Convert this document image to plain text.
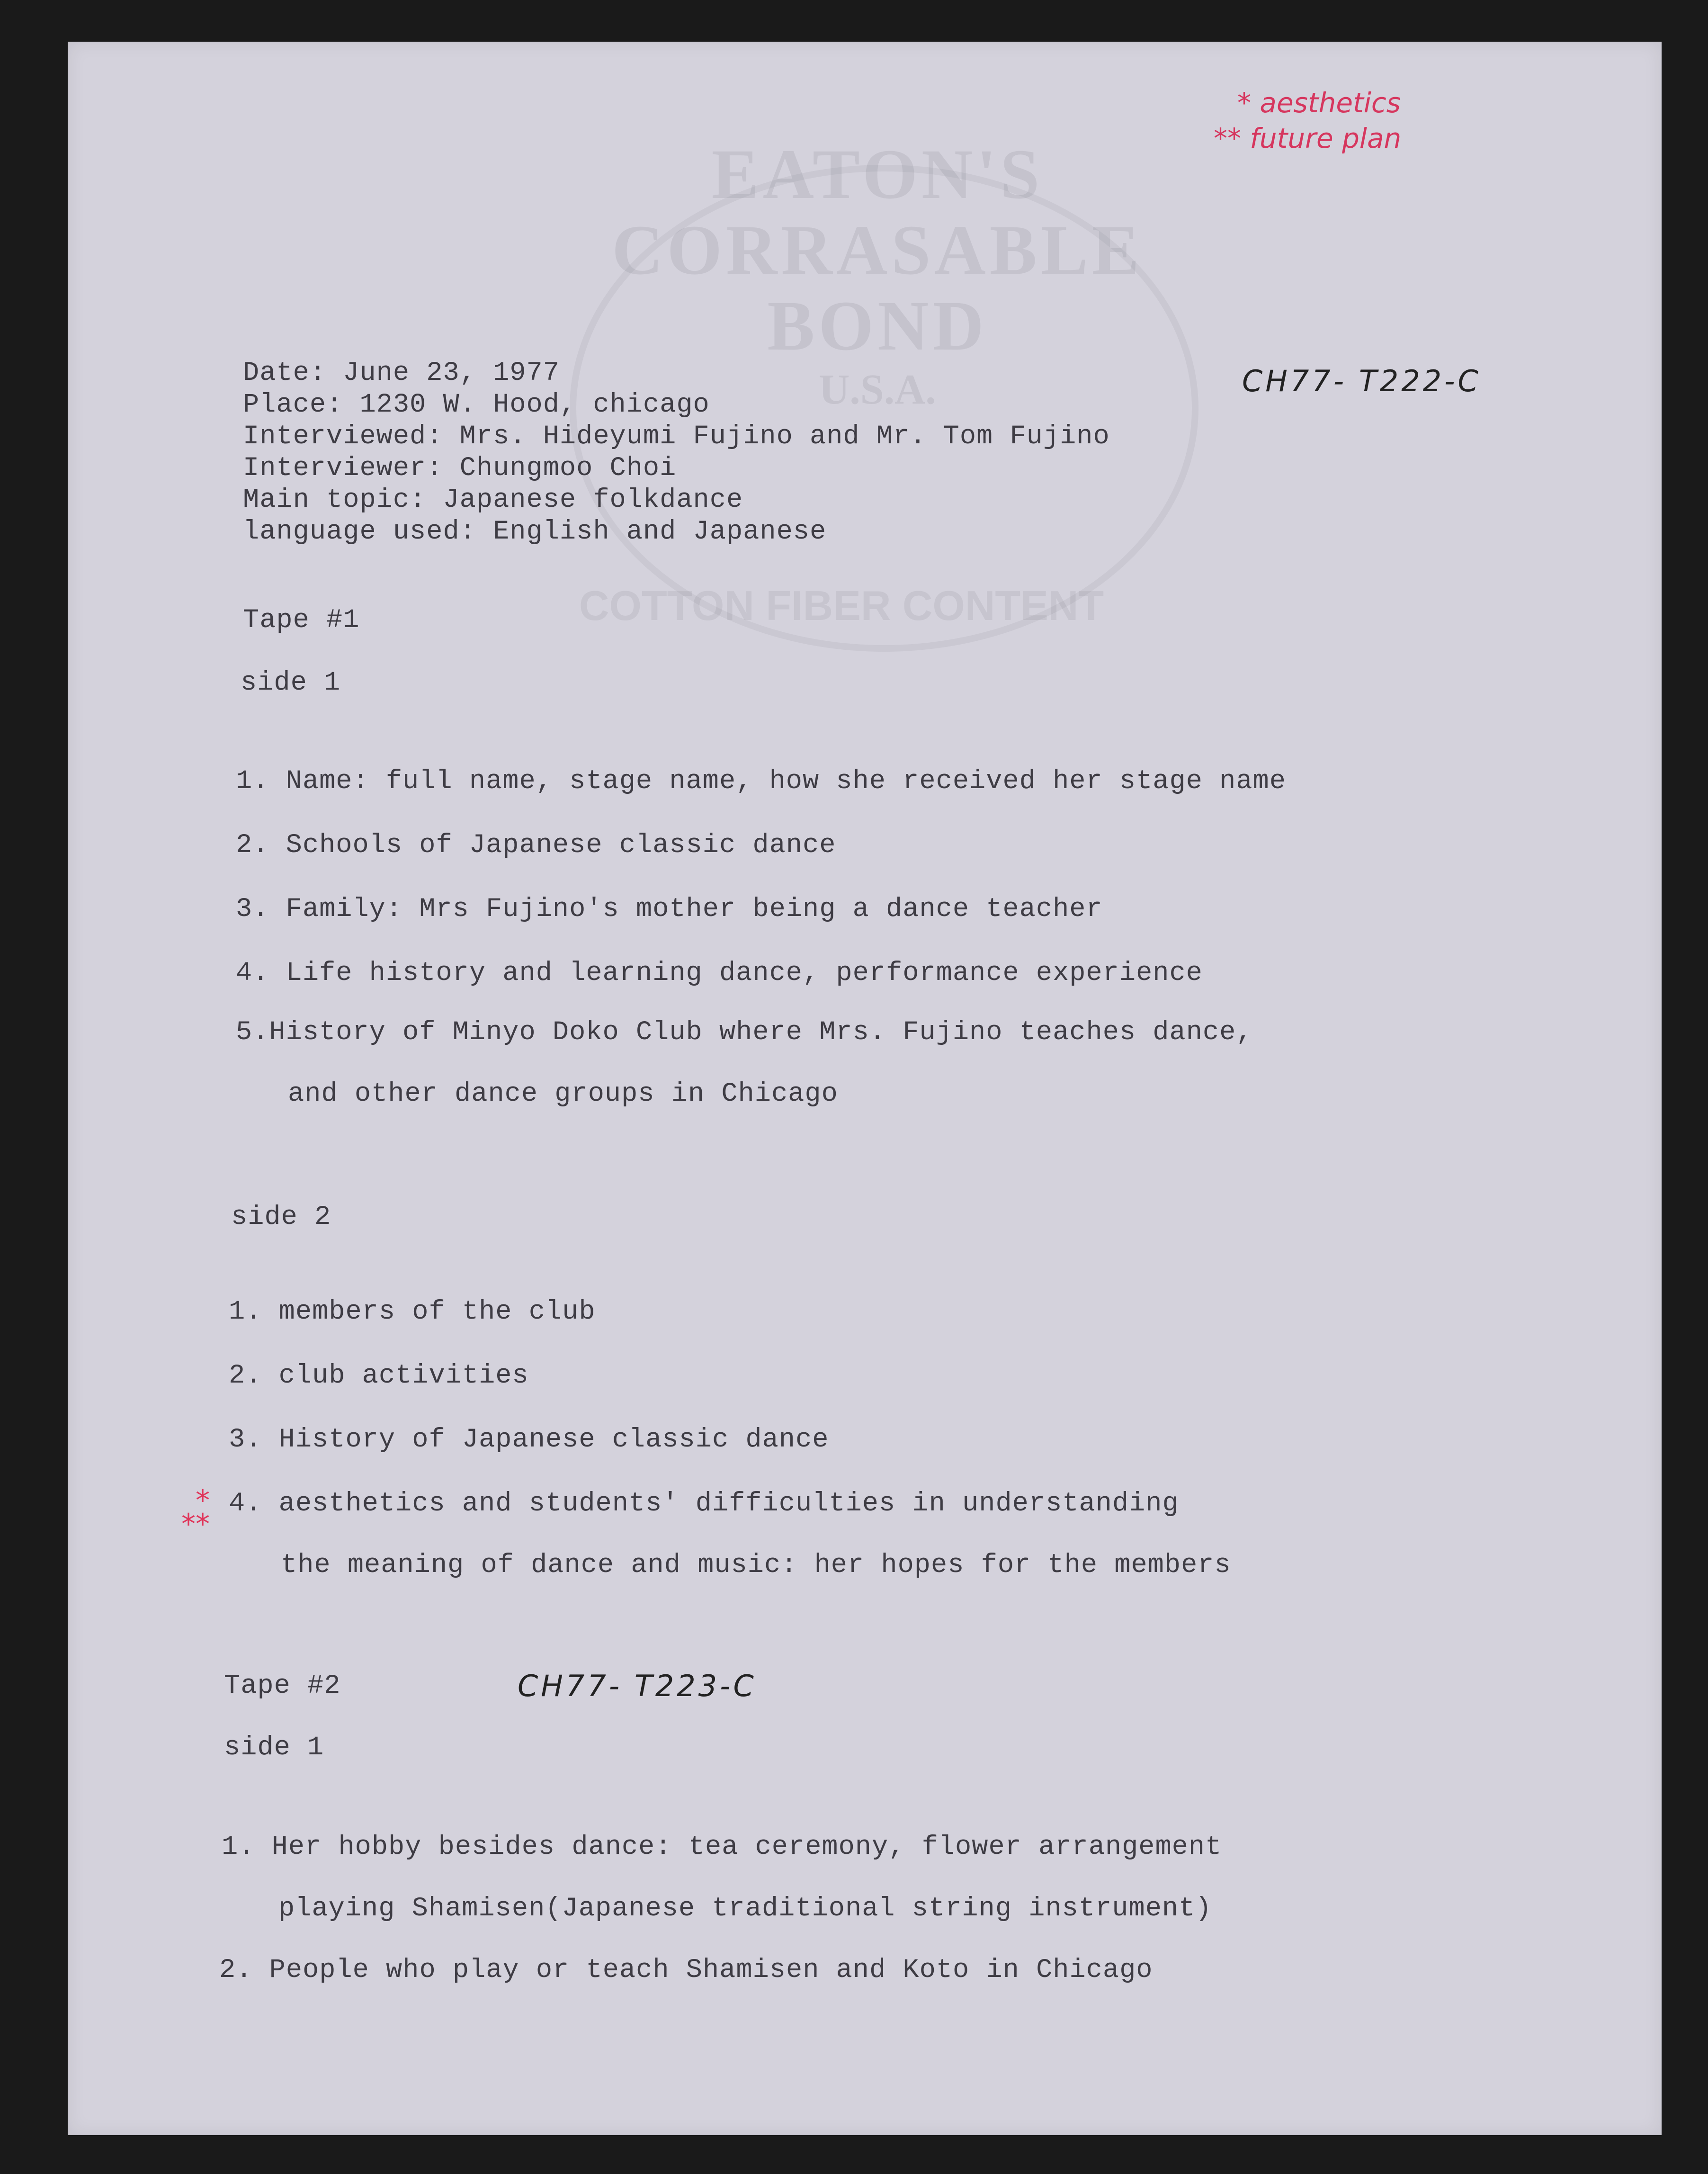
EATON'S
CORRASABLE
BOND
U.S.A.
COTTON FIBER CONTENT
* aesthetics
** future plan
Date: June 23, 1977
Place: 1230 W. Hood, chicago
Interviewed: Mrs. Hideyumi Fujino and Mr. Tom Fujino
Interviewer: Chungmoo Choi
Main topic: Japanese folkdance
language used: English and Japanese
CH77- T222-C
Tape #1
side 1
1. Name: full name, stage name, how she received her stage name
2. Schools of Japanese classic dance
3. Family: Mrs Fujino's mother being a dance teacher
4. Life history and learning dance, performance experience
5.History of Minyo Doko Club where Mrs. Fujino teaches dance,
and other dance groups in Chicago
side 2
1. members of the club
2. club activities
3. History of Japanese classic dance
*
**
4. aesthetics and students' difficulties in understanding
the meaning of dance and music: her hopes for the members
Tape #2	CH77- T223-C
side 1
1. Her hobby besides dance: tea ceremony, flower arrangement
playing Shamisen(Japanese traditional string instrument)
2. People who play or teach Shamisen and Koto in Chicago
